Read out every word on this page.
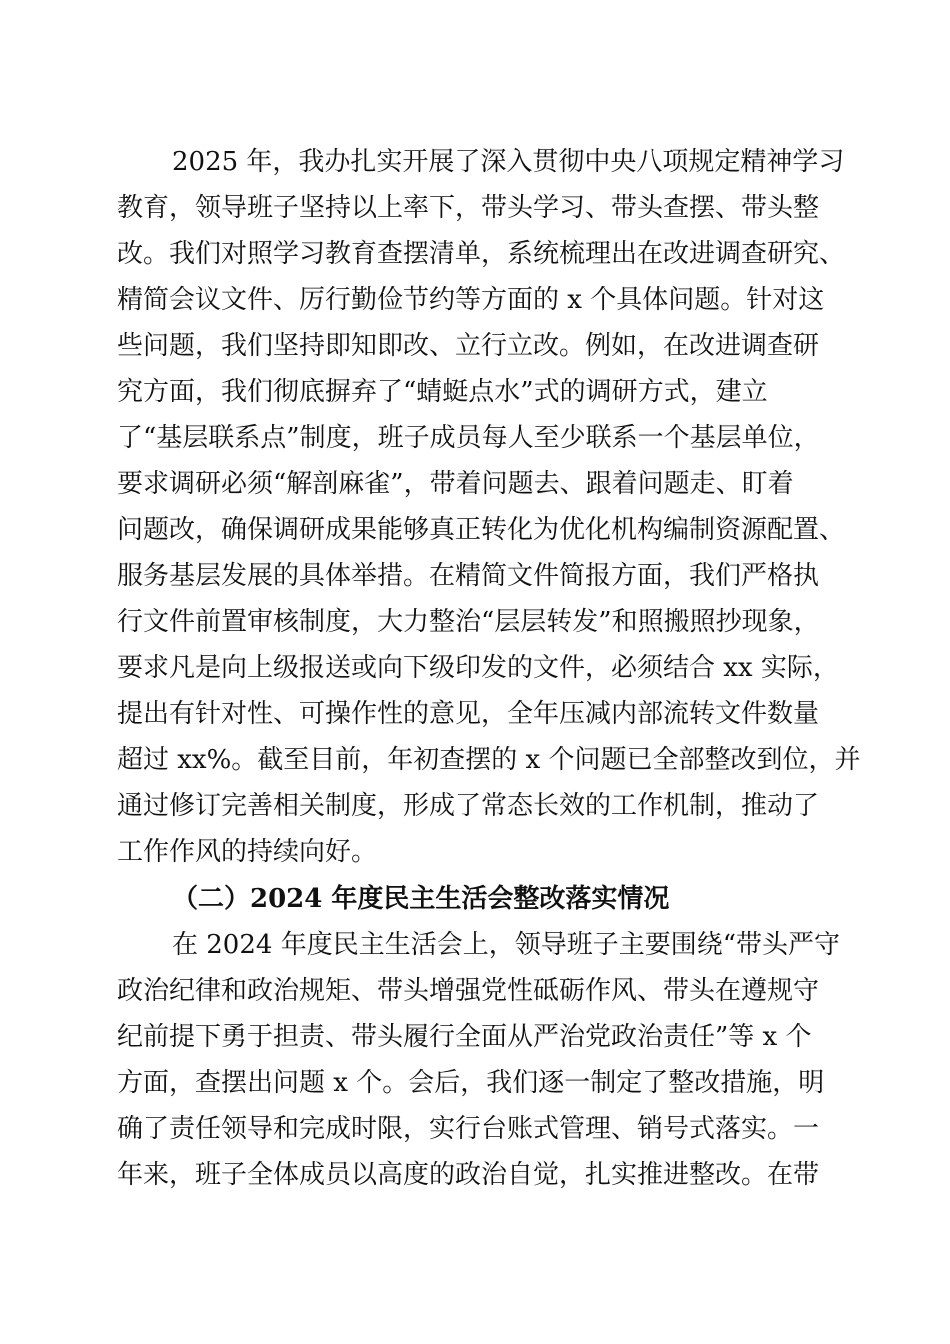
2025 年，我办扎实开展了深入贯彻中央八项规定精神学习
教育，领导班子坚持以上率下，带头学习、带头查摆、带头整
改。我们对照学习教育查摆清单，系统梳理出在改进调查研究、
精简会议文件、厉行勤俭节约等方面的 x 个具体问题。针对这
些问题，我们坚持即知即改、立行立改。例如，在改进调查研
究方面，我们彻底摒弃了“蜻蜓点水”式的调研方式，建立
了“基层联系点”制度，班子成员每人至少联系一个基层单位，
要求调研必须“解剖麻雀”，带着问题去、跟着问题走、盯着
问题改，确保调研成果能够真正转化为优化机构编制资源配置、
服务基层发展的具体举措。在精简文件简报方面，我们严格执
行文件前置审核制度，大力整治“层层转发”和照搬照抄现象，
要求凡是向上级报送或向下级印发的文件，必须结合 xx 实际，
提出有针对性、可操作性的意见，全年压减内部流转文件数量
超过 xx%。截至目前，年初查摆的 x 个问题已全部整改到位，并
通过修订完善相关制度，形成了常态长效的工作机制，推动了
工作作风的持续向好。
（二）2024 年度民主生活会整改落实情况
在 2024 年度民主生活会上，领导班子主要围绕“带头严守
政治纪律和政治规矩、带头增强党性砥砺作风、带头在遵规守
纪前提下勇于担责、带头履行全面从严治党政治责任”等 x 个
方面，查摆出问题 x 个。会后，我们逐一制定了整改措施，明
确了责任领导和完成时限，实行台账式管理、销号式落实。一
年来，班子全体成员以高度的政治自觉，扎实推进整改。在带
